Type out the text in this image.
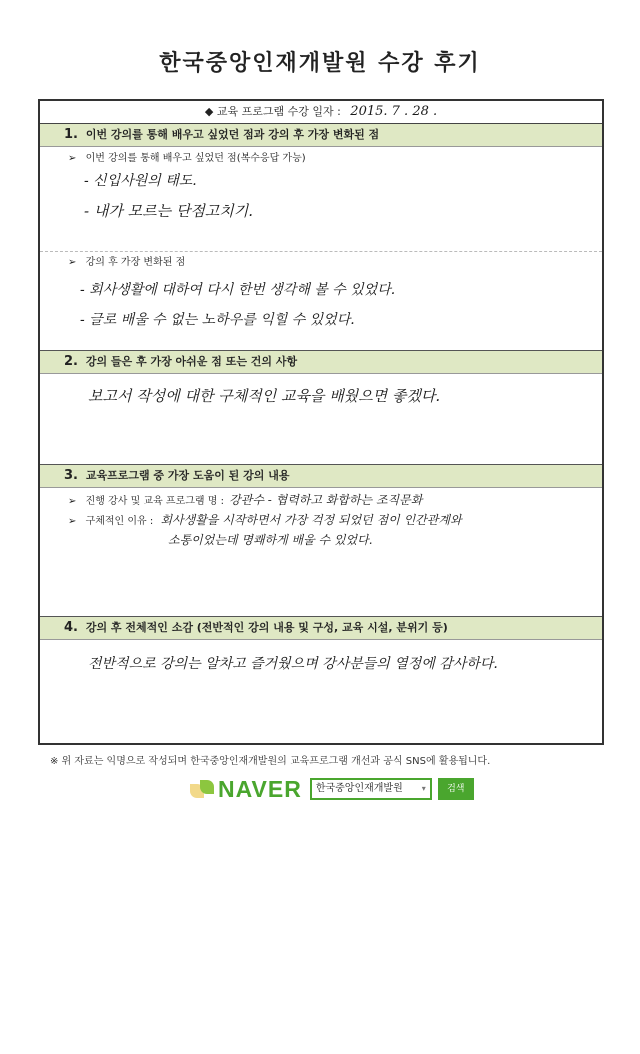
한국중앙인재개발원 수강 후기
◆ 교육 프로그램 수강 일자 : 2015. 7 . 28 .
1. 이번 강의를 통해 배우고 싶었던 점과 강의 후 가장 변화된 점
➢ 이번 강의를 통해 배우고 싶었던 점(복수응답 가능)
- 신입사원의 태도.
- 내가 모르는 단점고치기.
➢ 강의 후 가장 변화된 점
- 회사생활에 대하여 다시 한번 생각해 볼 수 있었다.
- 글로 배울 수 없는 노하우를 익힐 수 있었다.
2. 강의 들은 후 가장 아쉬운 점 또는 건의 사항
보고서 작성에 대한 구체적인 교육을 배웠으면 좋겠다.
3. 교육프로그램 중 가장 도움이 된 강의 내용
➢ 진행 강사 및 교육 프로그램 명 : 강관수 - 협력하고 화합하는 조직문화
➢ 구체적인 이유 : 회사생활을 시작하면서 가장 걱정 되었던 점이 인간관계와
소통이었는데 명쾌하게 배울 수 있었다.
4. 강의 후 전체적인 소감 (전반적인 강의 내용 및 구성, 교육 시설, 분위기 등)
전반적으로 강의는 알차고 즐거웠으며 강사분들의 열정에 감사하다.
※ 위 자료는 익명으로 작성되며 한국중앙인재개발원의 교육프로그램 개선과 공식 SNS에 활용됩니다.
NAVER 한국중앙인재개발원 ▾	검색
